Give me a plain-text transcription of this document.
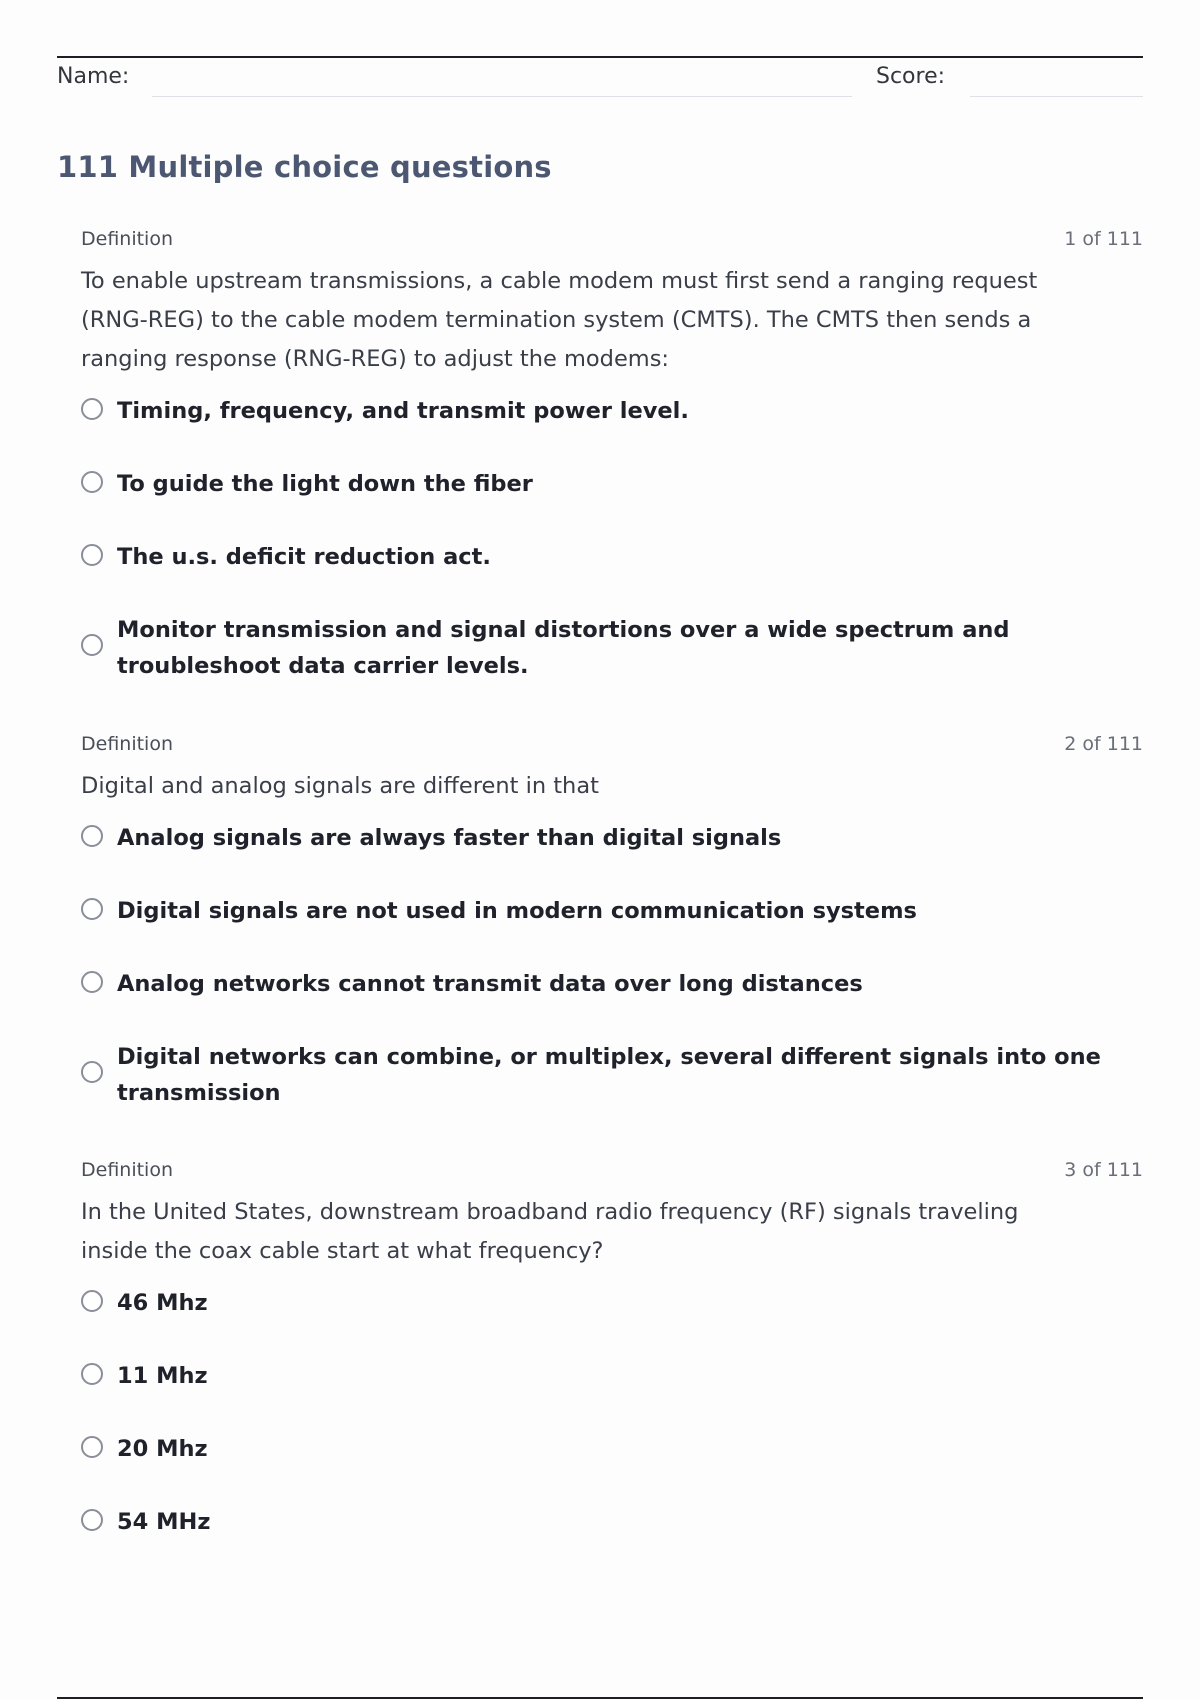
Name:	Score:
111 Multiple choice questions
Definition	1 of 111
To enable upstream transmissions, a cable modem must first send a ranging request (RNG-REG) to the cable modem termination system (CMTS). The CMTS then sends a ranging response (RNG-REG) to adjust the modems:
Timing, frequency, and transmit power level.
To guide the light down the fiber
The u.s. deficit reduction act.
Monitor transmission and signal distortions over a wide spectrum and troubleshoot data carrier levels.
Definition	2 of 111
Digital and analog signals are different in that
Analog signals are always faster than digital signals
Digital signals are not used in modern communication systems
Analog networks cannot transmit data over long distances
Digital networks can combine, or multiplex, several different signals into one transmission
Definition	3 of 111
In the United States, downstream broadband radio frequency (RF) signals traveling inside the coax cable start at what frequency?
46 Mhz
11 Mhz
20 Mhz
54 MHz
